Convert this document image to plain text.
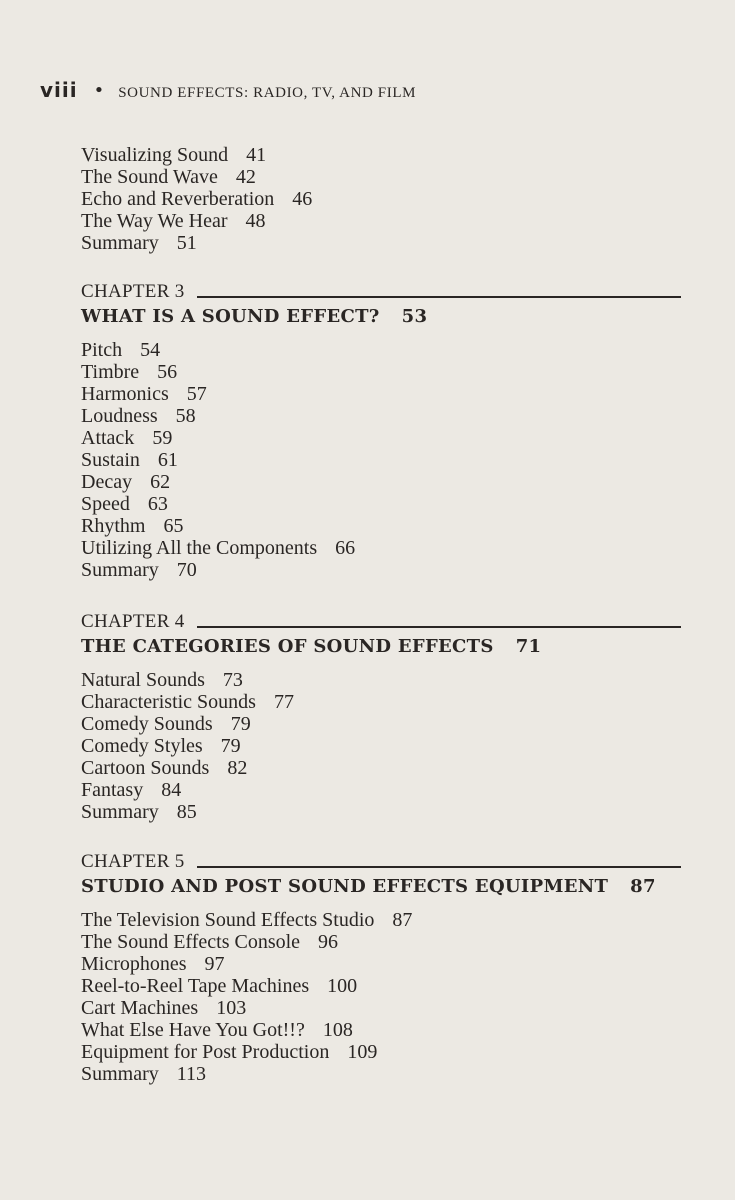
viii • SOUND EFFECTS: RADIO, TV, AND FILM
Visualizing Sound 41
The Sound Wave 42
Echo and Reverberation 46
The Way We Hear 48
Summary 51
CHAPTER 3
WHAT IS A SOUND EFFECT? 53
Pitch 54
Timbre 56
Harmonics 57
Loudness 58
Attack 59
Sustain 61
Decay 62
Speed 63
Rhythm 65
Utilizing All the Components 66
Summary 70
CHAPTER 4
THE CATEGORIES OF SOUND EFFECTS 71
Natural Sounds 73
Characteristic Sounds 77
Comedy Sounds 79
Comedy Styles 79
Cartoon Sounds 82
Fantasy 84
Summary 85
CHAPTER 5
STUDIO AND POST SOUND EFFECTS EQUIPMENT 87
The Television Sound Effects Studio 87
The Sound Effects Console 96
Microphones 97
Reel-to-Reel Tape Machines 100
Cart Machines 103
What Else Have You Got!!? 108
Equipment for Post Production 109
Summary 113
